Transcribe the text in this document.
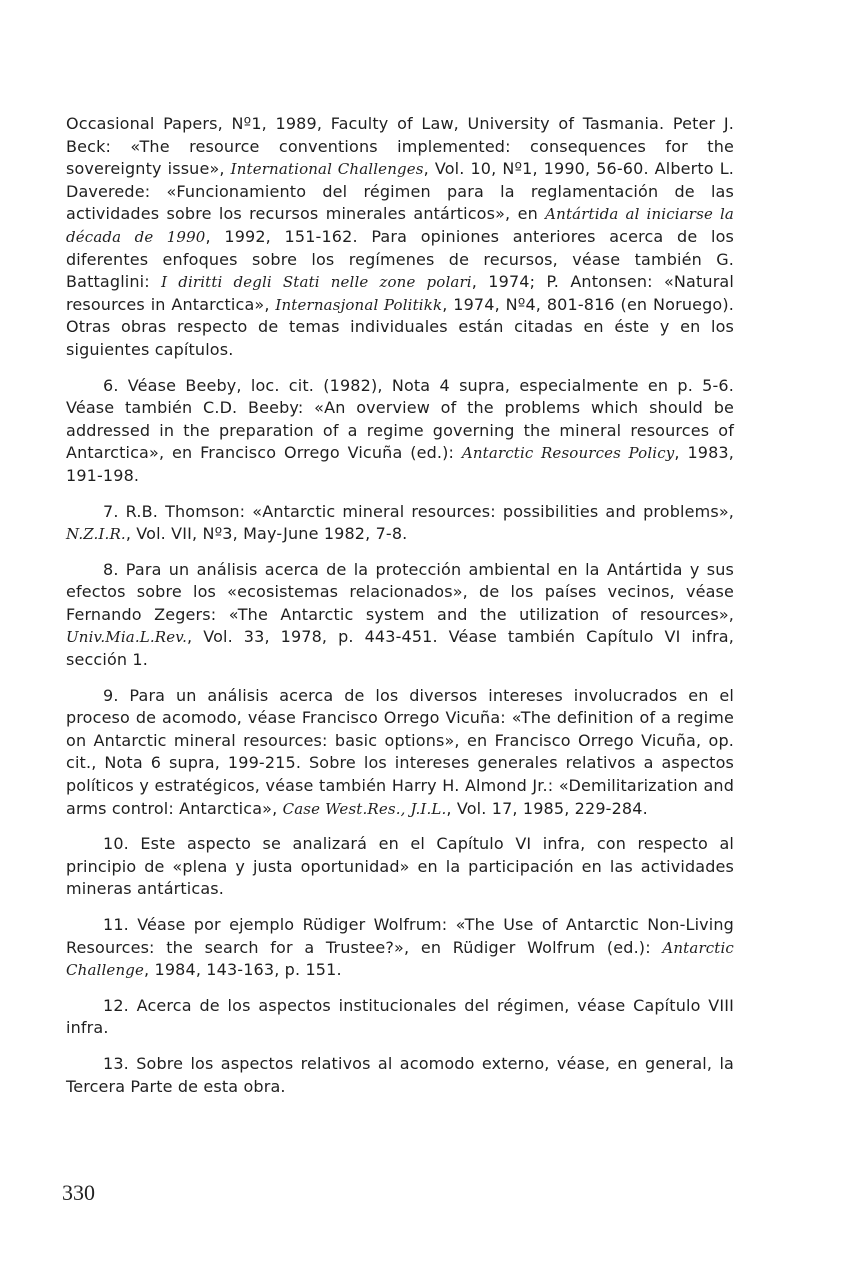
Occasional Papers, Nº1, 1989, Faculty of Law, University of Tasmania. Peter J. Beck: «The resource conventions implemented: consequences for the sovereignty issue», International Challenges, Vol. 10, Nº1, 1990, 56-60. Alberto L. Daverede: «Funcionamiento del régimen para la reglamentación de las actividades sobre los recursos minerales antárticos», en Antártida al iniciarse la década de 1990, 1992, 151-162. Para opiniones anteriores acerca de los diferentes enfoques sobre los regímenes de recursos, véase también G. Battaglini: I diritti degli Stati nelle zone polari, 1974; P. Antonsen: «Natural resources in Antarctica», Internasjonal Politikk, 1974, Nº4, 801-816 (en Noruego). Otras obras respecto de temas individuales están citadas en éste y en los siguientes capítulos.

6. Véase Beeby, loc. cit. (1982), Nota 4 supra, especialmente en p. 5-6. Véase también C.D. Beeby: «An overview of the problems which should be addressed in the preparation of a regime governing the mineral resources of Antarctica», en Francisco Orrego Vicuña (ed.): Antarctic Resources Policy, 1983, 191-198.

7. R.B. Thomson: «Antarctic mineral resources: possibilities and problems», N.Z.I.R., Vol. VII, Nº3, May-June 1982, 7-8.

8. Para un análisis acerca de la protección ambiental en la Antártida y sus efectos sobre los «ecosistemas relacionados», de los países vecinos, véase Fernando Zegers: «The Antarctic system and the utilization of resources», Univ.Mia.L.Rev., Vol. 33, 1978, p. 443-451. Véase también Capítulo VI infra, sección 1.

9. Para un análisis acerca de los diversos intereses involucrados en el proceso de acomodo, véase Francisco Orrego Vicuña: «The definition of a regime on Antarctic mineral resources: basic options», en Francisco Orrego Vicuña, op. cit., Nota 6 supra, 199-215. Sobre los intereses generales relativos a aspectos políticos y estratégicos, véase también Harry H. Almond Jr.: «Demilitarization and arms control: Antarctica», Case West.Res., J.I.L., Vol. 17, 1985, 229-284.

10. Este aspecto se analizará en el Capítulo VI infra, con respecto al principio de «plena y justa oportunidad» en la participación en las actividades mineras antárticas.

11. Véase por ejemplo Rüdiger Wolfrum: «The Use of Antarctic Non-Living Resources: the search for a Trustee?», en Rüdiger Wolfrum (ed.): Antarctic Challenge, 1984, 143-163, p. 151.

12. Acerca de los aspectos institucionales del régimen, véase Capítulo VIII infra.

13. Sobre los aspectos relativos al acomodo externo, véase, en general, la Tercera Parte de esta obra.

330
